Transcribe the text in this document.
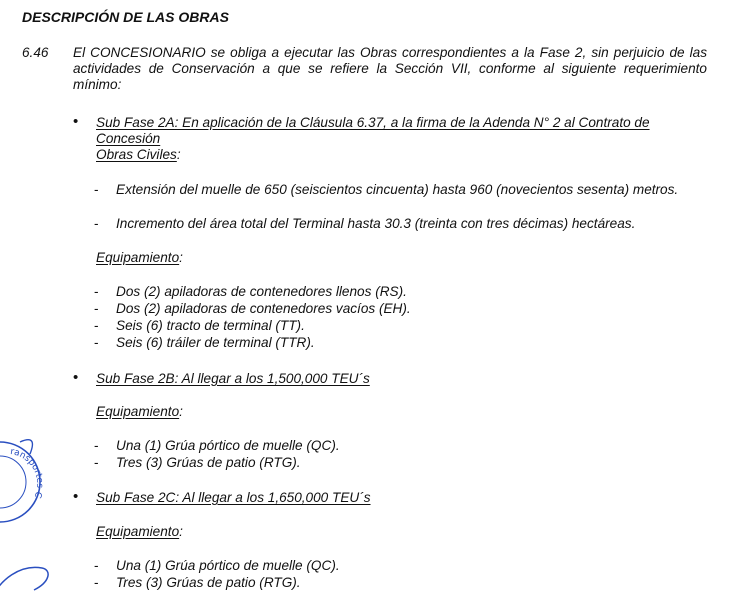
DESCRIPCIÓN DE LAS OBRAS
6.46 El CONCESIONARIO se obliga a ejecutar las Obras correspondientes a la Fase 2, sin perjuicio de las actividades de Conservación a que se refiere la Sección VII, conforme al siguiente requerimiento mínimo:
• Sub Fase 2A: En aplicación de la Cláusula 6.37, a la firma de la Adenda N° 2 al Contrato de
Concesión
Obras Civiles:
- Extensión del muelle de 650 (seiscientos cincuenta) hasta 960 (novecientos sesenta) metros.
- Incremento del área total del Terminal hasta 30.3 (treinta con tres décimas) hectáreas.
Equipamiento:
- Dos (2) apiladoras de contenedores llenos (RS).
- Dos (2) apiladoras de contenedores vacíos (EH).
- Seis (6) tracto de terminal (TT).
- Seis (6) tráiler de terminal (TTR).
• Sub Fase 2B: Al llegar a los 1,500,000 TEU´s
Equipamiento:
- Una (1) Grúa pórtico de muelle (QC).
- Tres (3) Grúas de patio (RTG).
• Sub Fase 2C: Al llegar a los 1,650,000 TEU´s
Equipamiento:
- Una (1) Grúa pórtico de muelle (QC).
- Tres (3) Grúas de patio (RTG).
ransportes C
